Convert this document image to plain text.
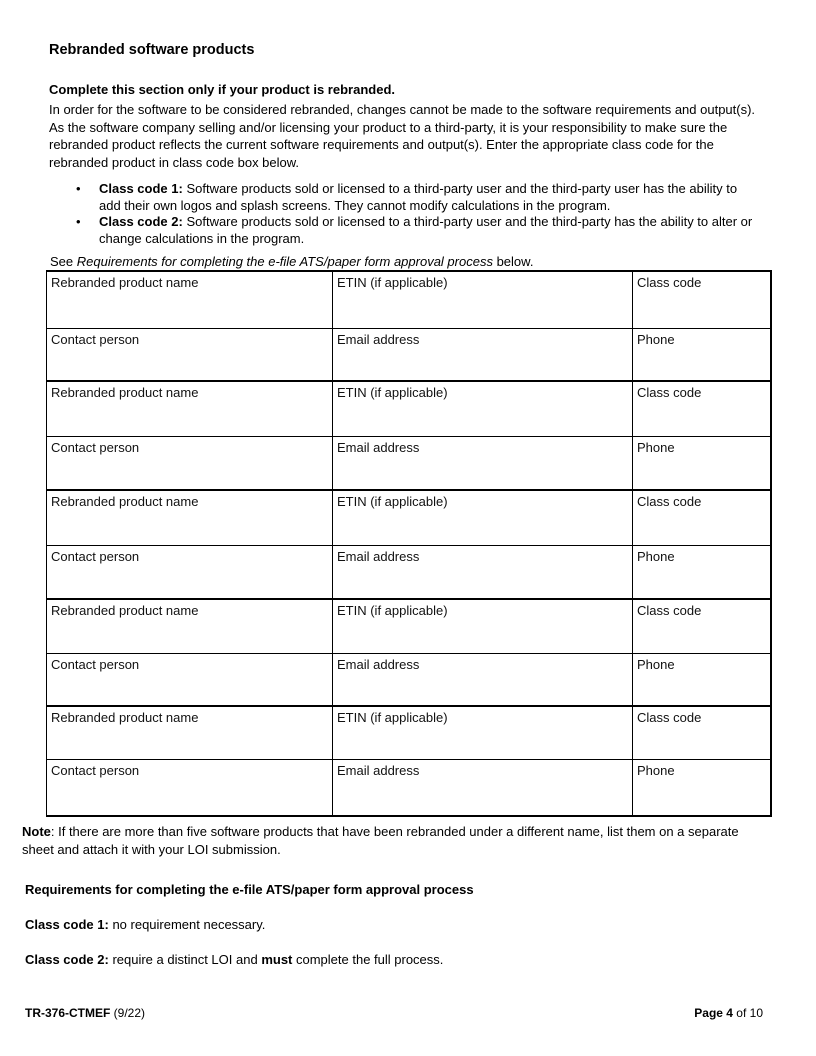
Rebranded software products
Complete this section only if your product is rebranded.
In order for the software to be considered rebranded, changes cannot be made to the software requirements and output(s). As the software company selling and/or licensing your product to a third-party, it is your responsibility to make sure the rebranded product reflects the current software requirements and output(s). Enter the appropriate class code for the rebranded product in class code box below.
• Class code 1: Software products sold or licensed to a third-party user and the third-party user has the ability to add their own logos and splash screens. They cannot modify calculations in the program.
• Class code 2: Software products sold or licensed to a third-party user and the third-party has the ability to alter or change calculations in the program.
See Requirements for completing the e-file ATS/paper form approval process below.
Rebranded product name	ETIN (if applicable)	Class code
Contact person	Email address	Phone
Rebranded product name	ETIN (if applicable)	Class code
Contact person	Email address	Phone
Rebranded product name	ETIN (if applicable)	Class code
Contact person	Email address	Phone
Rebranded product name	ETIN (if applicable)	Class code
Contact person	Email address	Phone
Rebranded product name	ETIN (if applicable)	Class code
Contact person	Email address	Phone
Note: If there are more than five software products that have been rebranded under a different name, list them on a separate sheet and attach it with your LOI submission.
Requirements for completing the e-file ATS/paper form approval process
Class code 1: no requirement necessary.
Class code 2: require a distinct LOI and must complete the full process.
TR-376-CTMEF (9/22)	Page 4 of 10
